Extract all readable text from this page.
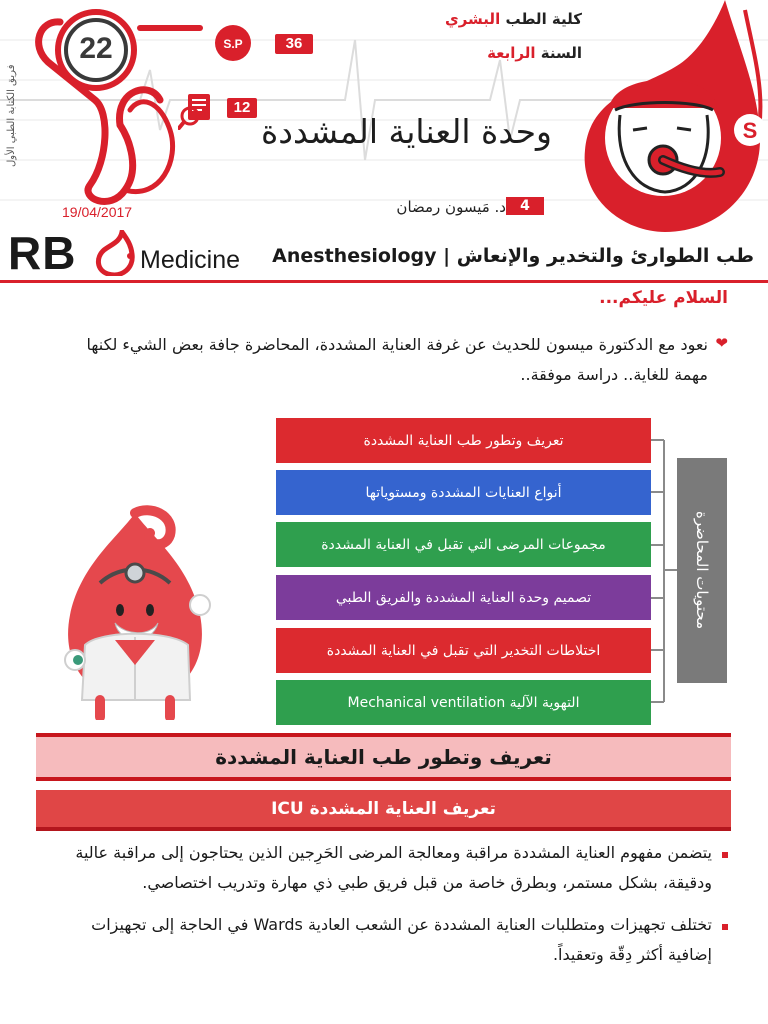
22	S.P	36
12
كلية الطب البشري
السنة الرابعة
S
وحدة العناية المشددة
4
د. مَيسون رمضان
19/04/2017
فريق الكتابة الطبي الأول
RB	Medicine Anesthesiology | طب الطوارئ والتخدير والإنعاش
السلام عليكم...
❤

نعود مع الدكتورة ميسون للحديث عن غرفة العناية المشددة، المحاضرة جافة بعض الشيء لكنها مهمة للغاية.. دراسة موفقة..

محتويات المحاضرة
تعريف وتطور طب العناية المشددة
أنواع العنايات المشددة ومستوياتها
مجموعات المرضى التي تقبل في العناية المشددة
تصميم وحدة العناية المشددة والفريق الطبي
اختلاطات التخدير التي تقبل في العناية المشددة
التهوية الآلية Mechanical ventilation
تعريف وتطور طب العناية المشددة
تعريف العناية المشددة ICU

يتضمن مفهوم العناية المشددة مراقبة ومعالجة المرضى الحَرِجين الذين يحتاجون إلى مراقبة عالية ودقيقة، بشكل مستمر، وبطرق خاصة من قبل فريق طبي ذي مهارة وتدريب اختصاصي.

تختلف تجهيزات ومتطلبات العناية المشددة عن الشعب العادية Wards في الحاجة إلى تجهيزات إضافية أكثر دِقّة وتعقيداً.
